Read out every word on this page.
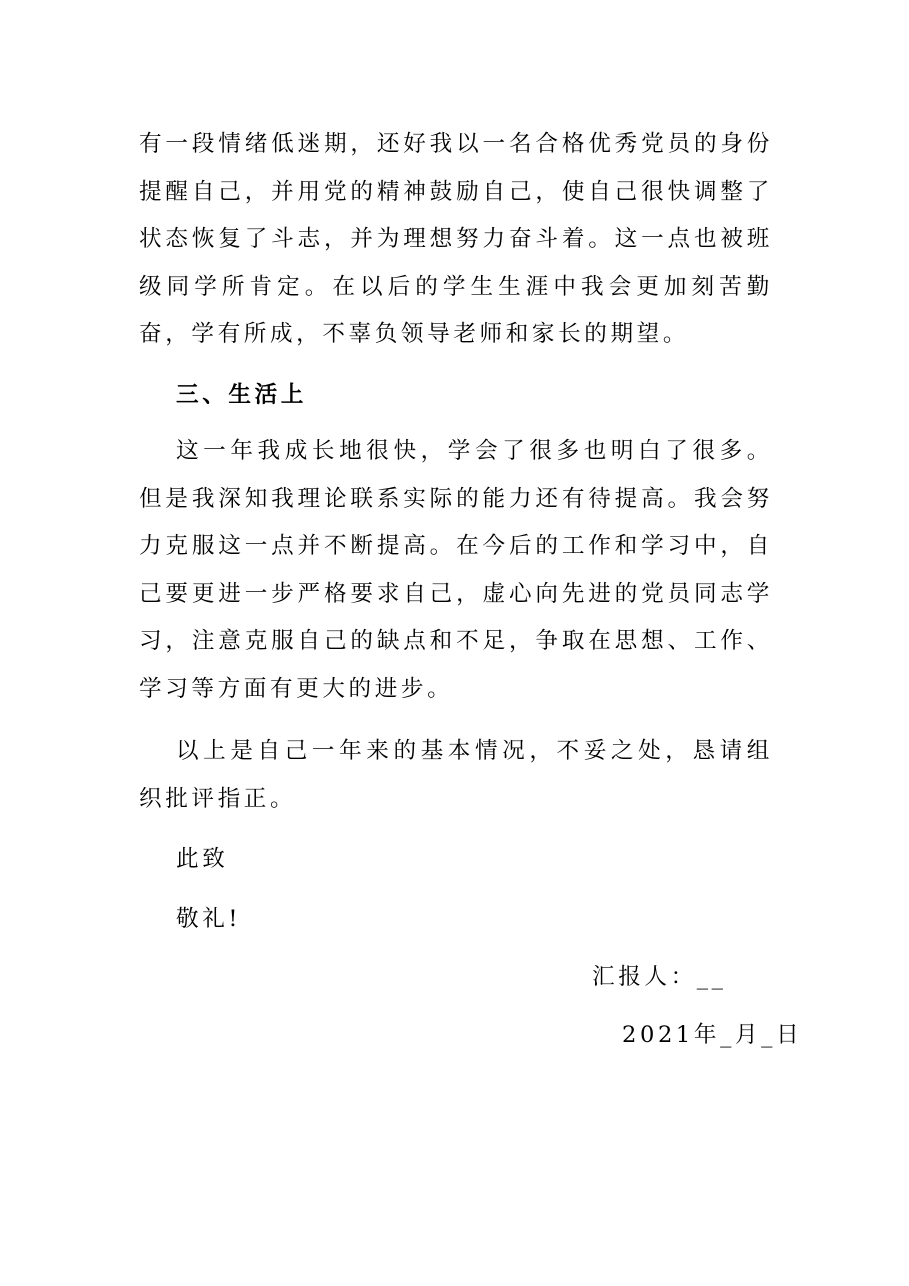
有一段情绪低迷期，还好我以一名合格优秀党员的身份提醒自己，并用党的精神鼓励自己，使自己很快调整了状态恢复了斗志，并为理想努力奋斗着。这一点也被班级同学所肯定。在以后的学生生涯中我会更加刻苦勤奋，学有所成，不辜负领导老师和家长的期望。

三、生活上

这一年我成长地很快，学会了很多也明白了很多。但是我深知我理论联系实际的能力还有待提高。我会努力克服这一点并不断提高。在今后的工作和学习中，自己要更进一步严格要求自己，虚心向先进的党员同志学习，注意克服自己的缺点和不足，争取在思想、工作、学习等方面有更大的进步。

以上是自己一年来的基本情况，不妥之处，恳请组织批评指正。

此致

敬礼!

汇报人：__

2021年_月_日
